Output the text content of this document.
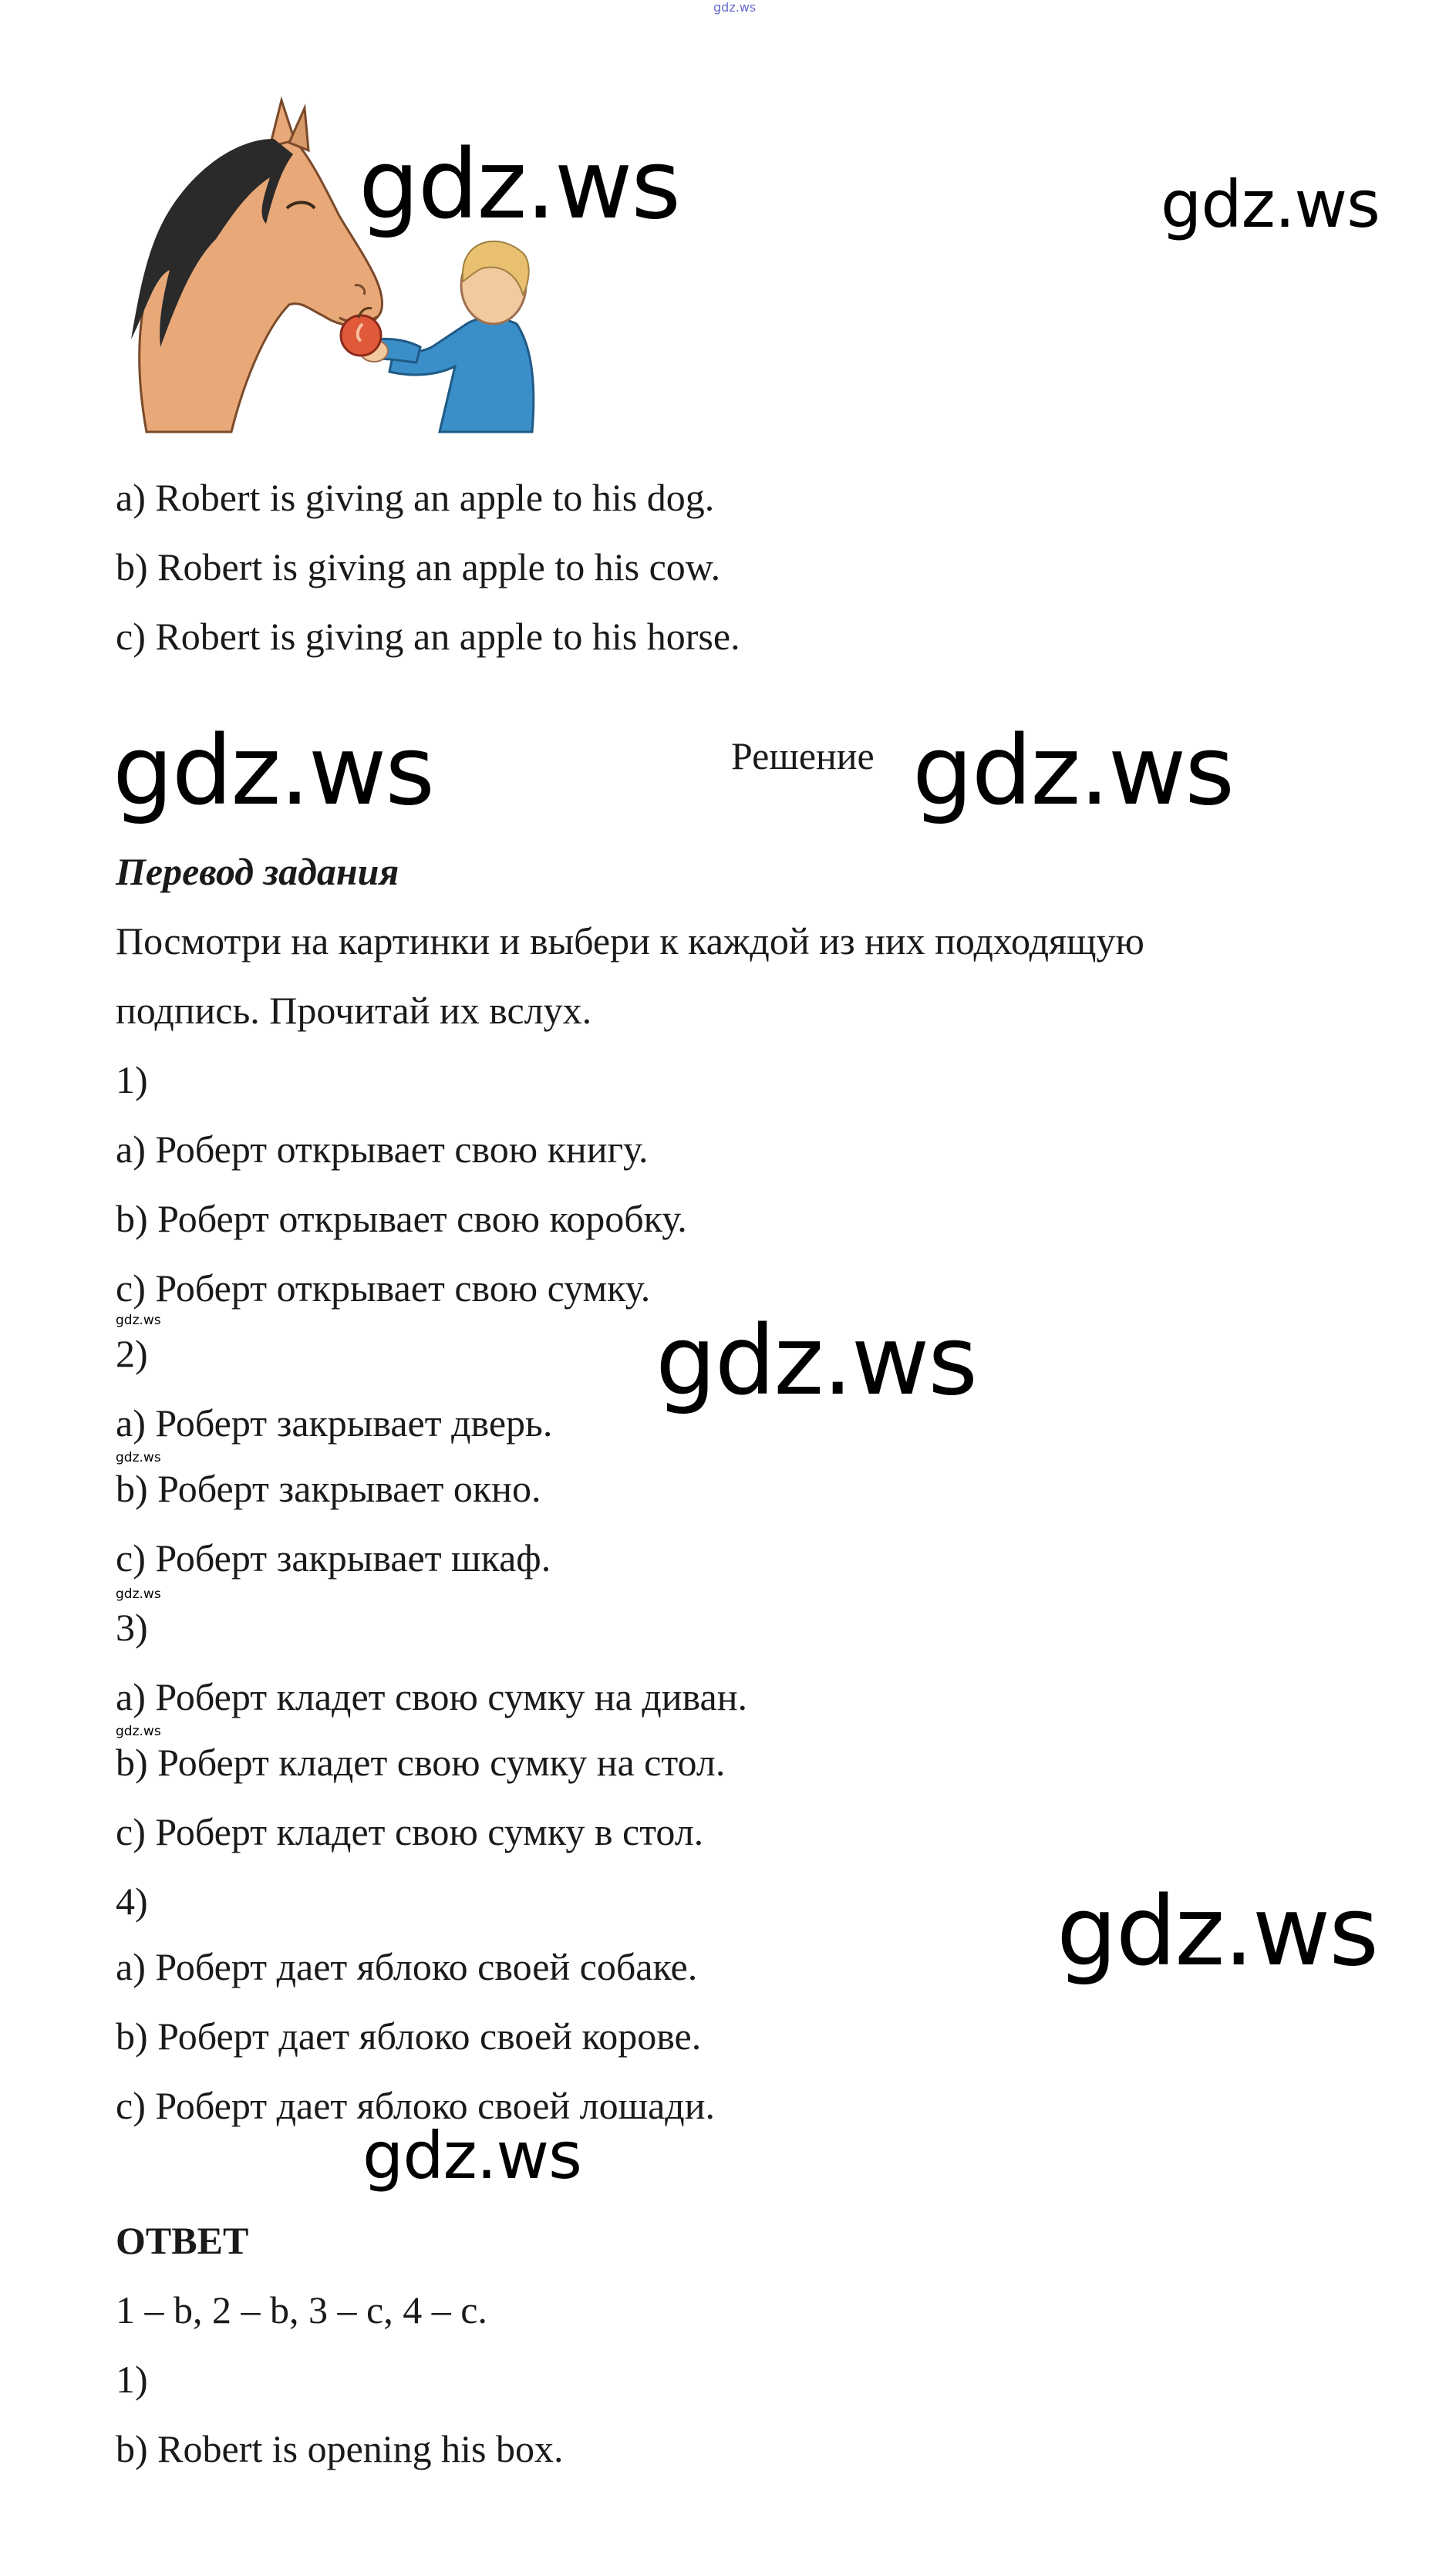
gdz.ws
gdz.ws	gdz.ws
a) Robert is giving an apple to his dog.
b) Robert is giving an apple to his cow.
c) Robert is giving an apple to his horse.
gdz.ws	Решение gdz.ws
Перевод задания
Посмотри на картинки и выбери к каждой из них подходящую
подпись. Прочитай их вслух.
1)
a) Роберт открывает свою книгу.
b) Роберт открывает свою коробку.
c) Роберт открывает свою сумку.
gdz.ws
2)	gdz.ws
a) Роберт закрывает дверь.
gdz.ws
b) Роберт закрывает окно.
c) Роберт закрывает шкаф.
gdz.ws
3)
a) Роберт кладет свою сумку на диван.
gdz.ws
b) Роберт кладет свою сумку на стол.
c) Роберт кладет свою сумку в стол.
4)	gdz.ws
a) Роберт дает яблоко своей собаке.
b) Роберт дает яблоко своей корове.
c) Роберт дает яблоко своей лошади.
gdz.ws
ОТВЕТ
1 – b, 2 – b, 3 – c, 4 – c.
1)
b) Robert is opening his box.
